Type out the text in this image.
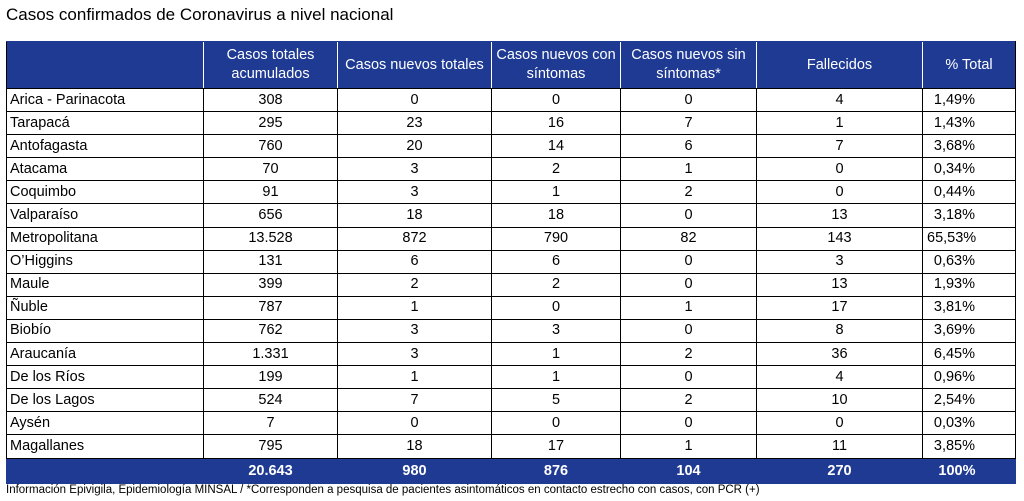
Casos confirmados de Coronavirus a nivel nacional
	Casos totales acumulados	Casos nuevos totales	Casos nuevos con síntomas	Casos nuevos sin síntomas*	Fallecidos	% Total
Arica - Parinacota	308	0	0	0	4	1,49%
Tarapacá	295	23	16	7	1	1,43%
Antofagasta	760	20	14	6	7	3,68%
Atacama	70	3	2	1	0	0,34%
Coquimbo	91	3	1	2	0	0,44%
Valparaíso	656	18	18	0	13	3,18%
Metropolitana	13.528	872	790	82	143	65,53%
O’Higgins	131	6	6	0	3	0,63%
Maule	399	2	2	0	13	1,93%
Ñuble	787	1	0	1	17	3,81%
Biobío	762	3	3	0	8	3,69%
Araucanía	1.331	3	1	2	36	6,45%
De los Ríos	199	1	1	0	4	0,96%
De los Lagos	524	7	5	2	10	2,54%
Aysén	7	0	0	0	0	0,03%
Magallanes	795	18	17	1	11	3,85%
	20.643	980	876	104	270	100%
Información Epivigila, Epidemiología MINSAL / *Corresponden a pesquisa de pacientes asintomáticos en contacto estrecho con casos, con PCR (+)
